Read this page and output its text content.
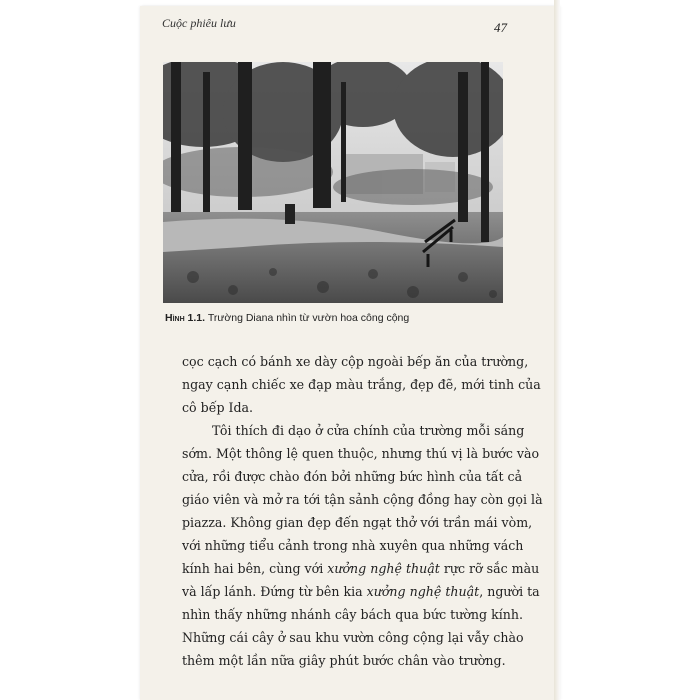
Cuộc phiêu lưu	47
Hình 1.1. Trường Diana nhìn từ vườn hoa công cộng
cọc cạch có bánh xe dày cộp ngoài bếp ăn của trường,
ngay cạnh chiếc xe đạp màu trắng, đẹp đẽ, mới tinh của
cô bếp Ida.
Tôi thích đi dạo ở cửa chính của trường mỗi sáng
sớm. Một thông lệ quen thuộc, nhưng thú vị là bước vào
cửa, rồi được chào đón bởi những bức hình của tất cả
giáo viên và mở ra tới tận sảnh cộng đồng hay còn gọi là
piazza. Không gian đẹp đến ngạt thở với trần mái vòm,
với những tiểu cảnh trong nhà xuyên qua những vách
kính hai bên, cùng với xưởng nghệ thuật rực rỡ sắc màu
và lấp lánh. Đứng từ bên kia xưởng nghệ thuật, người ta
nhìn thấy những nhánh cây bách qua bức tường kính.
Những cái cây ở sau khu vườn công cộng lại vẫy chào
thêm một lần nữa giây phút bước chân vào trường.
